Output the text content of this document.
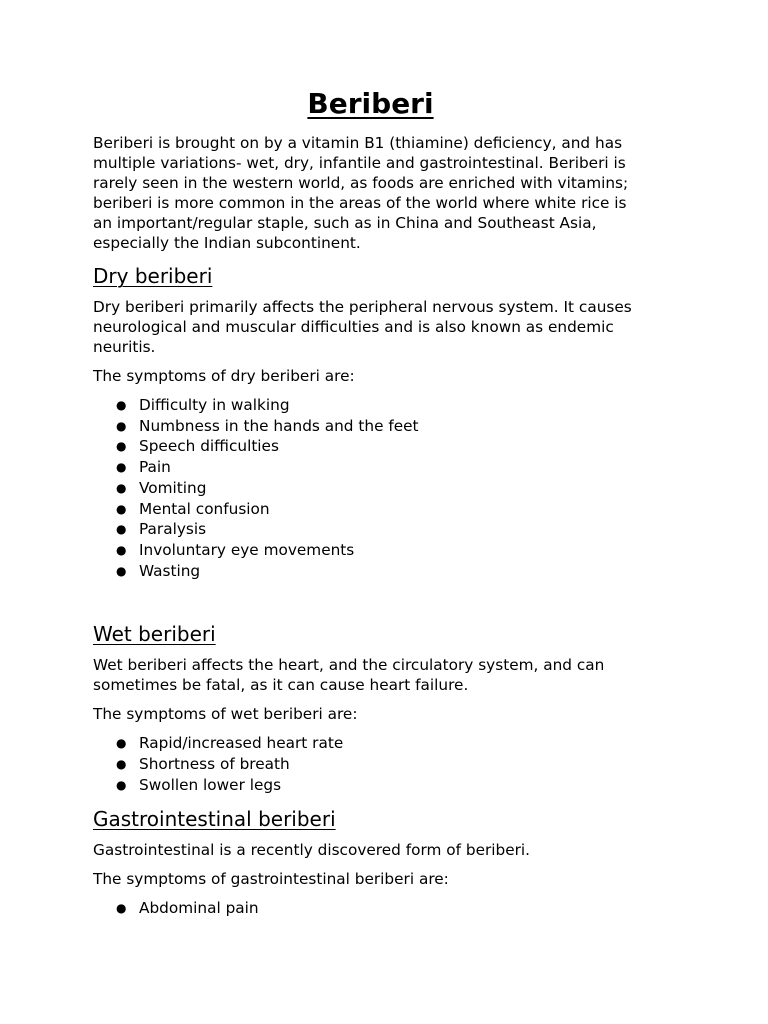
Beriberi

Beriberi is brought on by a vitamin B1 (thiamine) deficiency, and has multiple variations- wet, dry, infantile and gastrointestinal. Beriberi is rarely seen in the western world, as foods are enriched with vitamins; beriberi is more common in the areas of the world where white rice is an important/regular staple, such as in China and Southeast Asia, especially the Indian subcontinent.

Dry beriberi

Dry beriberi primarily affects the peripheral nervous system. It causes neurological and muscular difficulties and is also known as endemic neuritis.

The symptoms of dry beriberi are:

● Difficulty in walking
● Numbness in the hands and the feet
● Speech difficulties
● Pain
● Vomiting
● Mental confusion
● Paralysis
● Involuntary eye movements
● Wasting
Wet beriberi

Wet beriberi affects the heart, and the circulatory system, and can sometimes be fatal, as it can cause heart failure.

The symptoms of wet beriberi are:

● Rapid/increased heart rate
● Shortness of breath
● Swollen lower legs
Gastrointestinal beriberi

Gastrointestinal is a recently discovered form of beriberi.

The symptoms of gastrointestinal beriberi are:

● Abdominal pain
